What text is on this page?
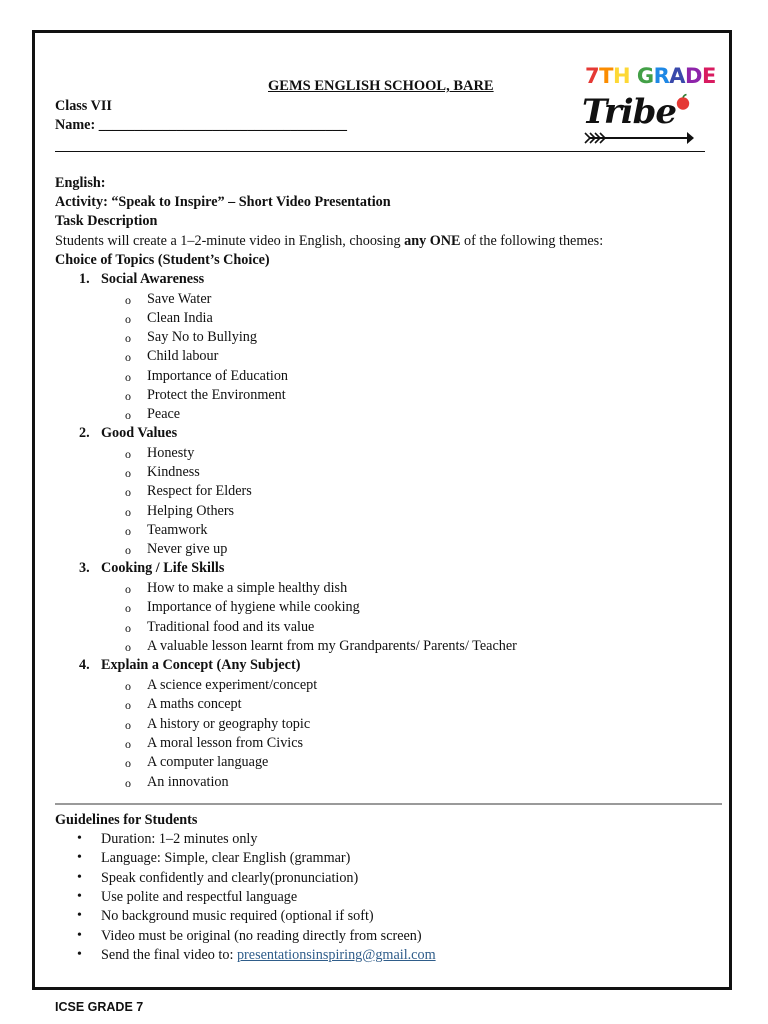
GEMS ENGLISH SCHOOL, BARE
Class VII
Name: ___________________________________
7TH GRADE
Tribe
English:
Activity: “Speak to Inspire” – Short Video Presentation
Task Description
Students will create a 1–2-minute video in English, choosing any ONE of the following themes:
Choice of Topics (Student’s Choice)
1. Social Awareness
o Save Water
o Clean India
o Say No to Bullying
o Child labour
o Importance of Education
o Protect the Environment
o Peace
2. Good Values
o Honesty
o Kindness
o Respect for Elders
o Helping Others
o Teamwork
o Never give up
3. Cooking / Life Skills
o How to make a simple healthy dish
o Importance of hygiene while cooking
o Traditional food and its value
o A valuable lesson learnt from my Grandparents/ Parents/ Teacher
4. Explain a Concept (Any Subject)
o A science experiment/concept
o A maths concept
o A history or geography topic
o A moral lesson from Civics
o A computer language
o An innovation
Guidelines for Students
• Duration: 1–2 minutes only
• Language: Simple, clear English (grammar)
• Speak confidently and clearly(pronunciation)
• Use polite and respectful language
• No background music required (optional if soft)
• Video must be original (no reading directly from screen)
• Send the final video to: presentationsinspiring@gmail.com
ICSE GRADE 7
